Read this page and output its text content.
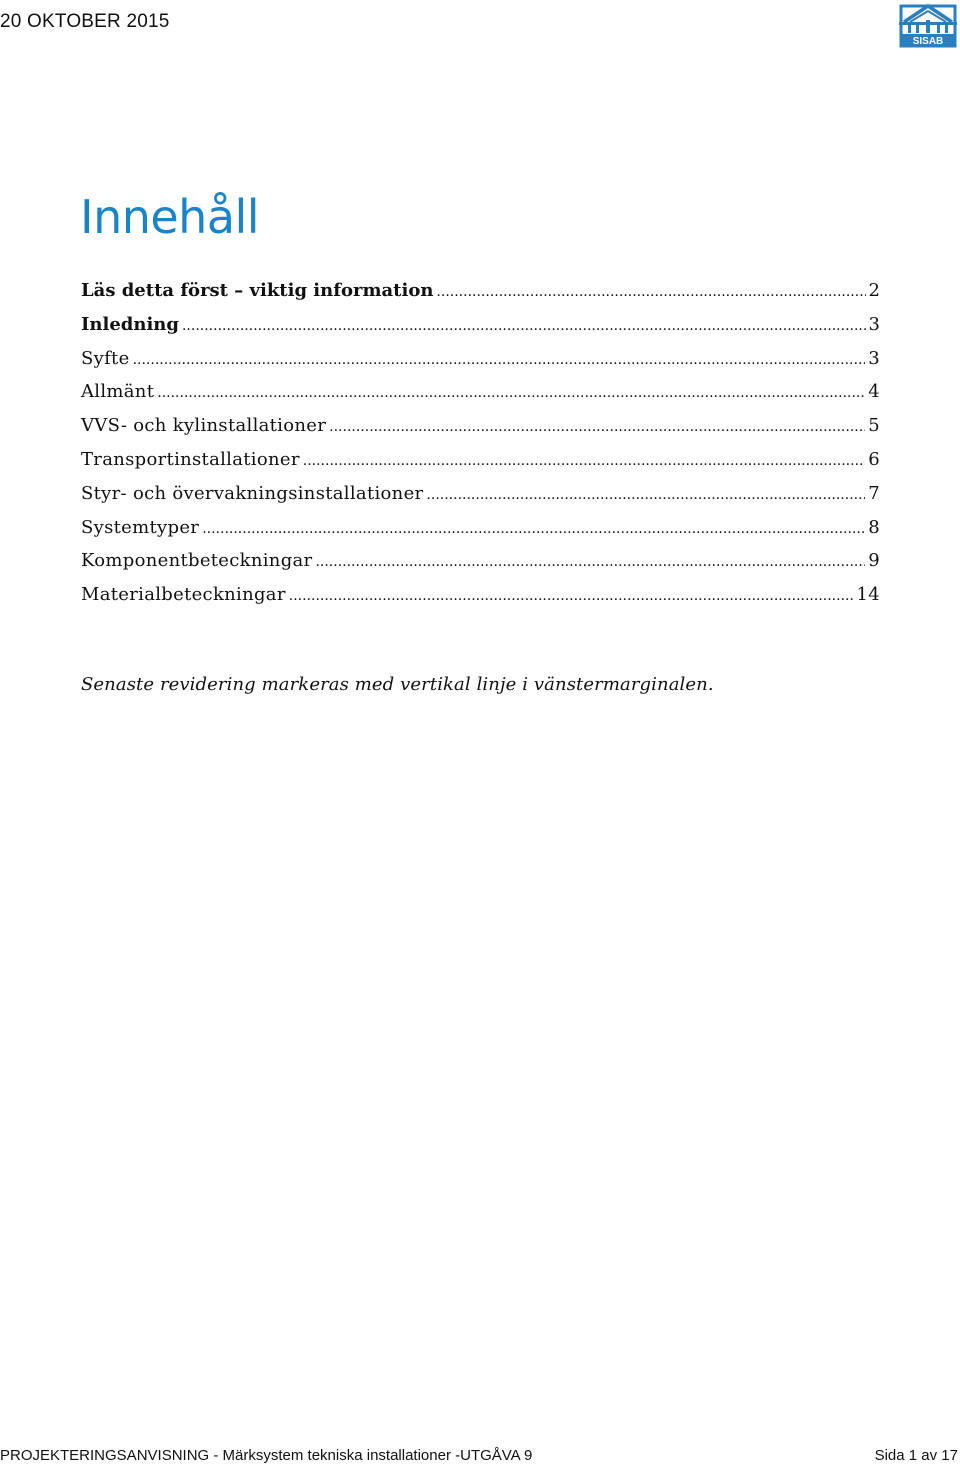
20 OKTOBER 2015
SISAB
Innehåll
Läs detta först – viktig information .....	2
Inledning .....	3
Syfte .....	3
Allmänt .....	4
VVS- och kylinstallationer .....	5
Transportinstallationer .....	6
Styr- och övervakningsinstallationer .....	7
Systemtyper .....	8
Komponentbeteckningar .....	9
Materialbeteckningar .....	14
Senaste revidering markeras med vertikal linje i vänstermarginalen.
PROJEKTERINGSANVISNING - Märksystem tekniska installationer -UTGÅVA 9	Sida 1 av 17
